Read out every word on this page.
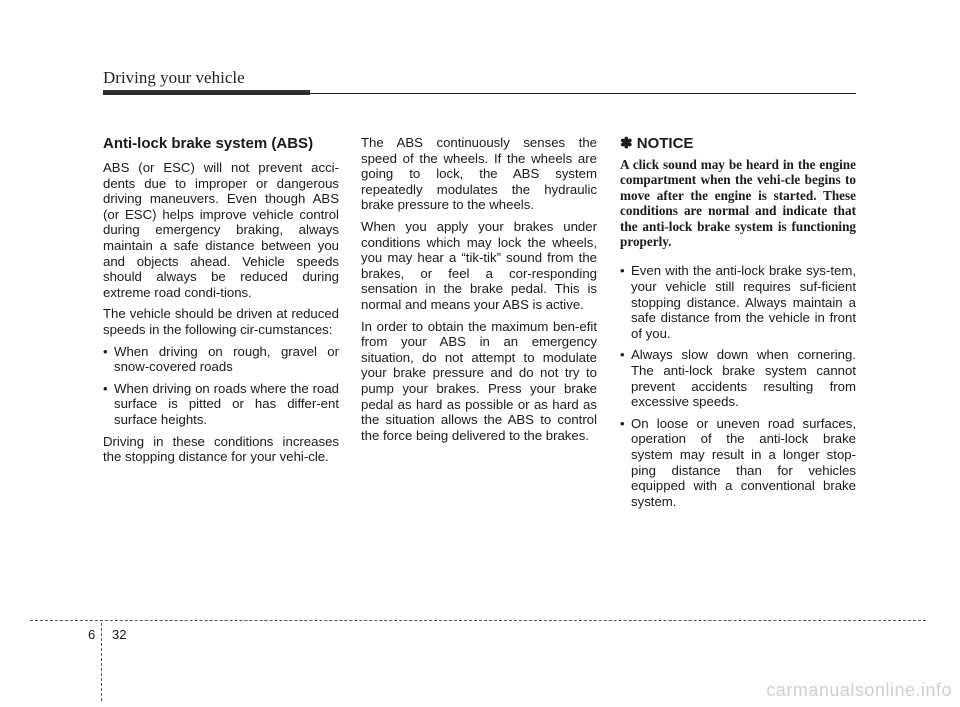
Driving your vehicle
Anti-lock brake system (ABS)

ABS (or ESC) will not prevent acci-dents due to improper or dangerous driving maneuvers. Even though ABS (or ESC) helps improve vehicle control during emergency braking, always maintain a safe distance between you and objects ahead. Vehicle speeds should always be reduced during extreme road condi-tions.

The vehicle should be driven at reduced speeds in the following cir-cumstances:

• When driving on rough, gravel or snow-covered roads
• When driving on roads where the road surface is pitted or has differ-ent surface heights.

Driving in these conditions increases the stopping distance for your vehi-cle.

The ABS continuously senses the speed of the wheels. If the wheels are going to lock, the ABS system repeatedly modulates the hydraulic brake pressure to the wheels.

When you apply your brakes under conditions which may lock the wheels, you may hear a “tik-tik” sound from the brakes, or feel a cor-responding sensation in the brake pedal. This is normal and means your ABS is active.

In order to obtain the maximum ben-efit from your ABS in an emergency situation, do not attempt to modulate your brake pressure and do not try to pump your brakes. Press your brake pedal as hard as possible or as hard as the situation allows the ABS to control the force being delivered to the brakes.

✽ NOTICE
A click sound may be heard in the engine compartment when the vehi-cle begins to move after the engine is started. These conditions are normal and indicate that the anti-lock brake system is functioning properly.
• Even with the anti-lock brake sys-tem, your vehicle still requires suf-ficient stopping distance. Always maintain a safe distance from the vehicle in front of you.
• Always slow down when cornering. The anti-lock brake system cannot prevent accidents resulting from excessive speeds.
• On loose or uneven road surfaces, operation of the anti-lock brake system may result in a longer stop-ping distance than for vehicles equipped with a conventional brake system.
6 32
carmanualsonline.info
